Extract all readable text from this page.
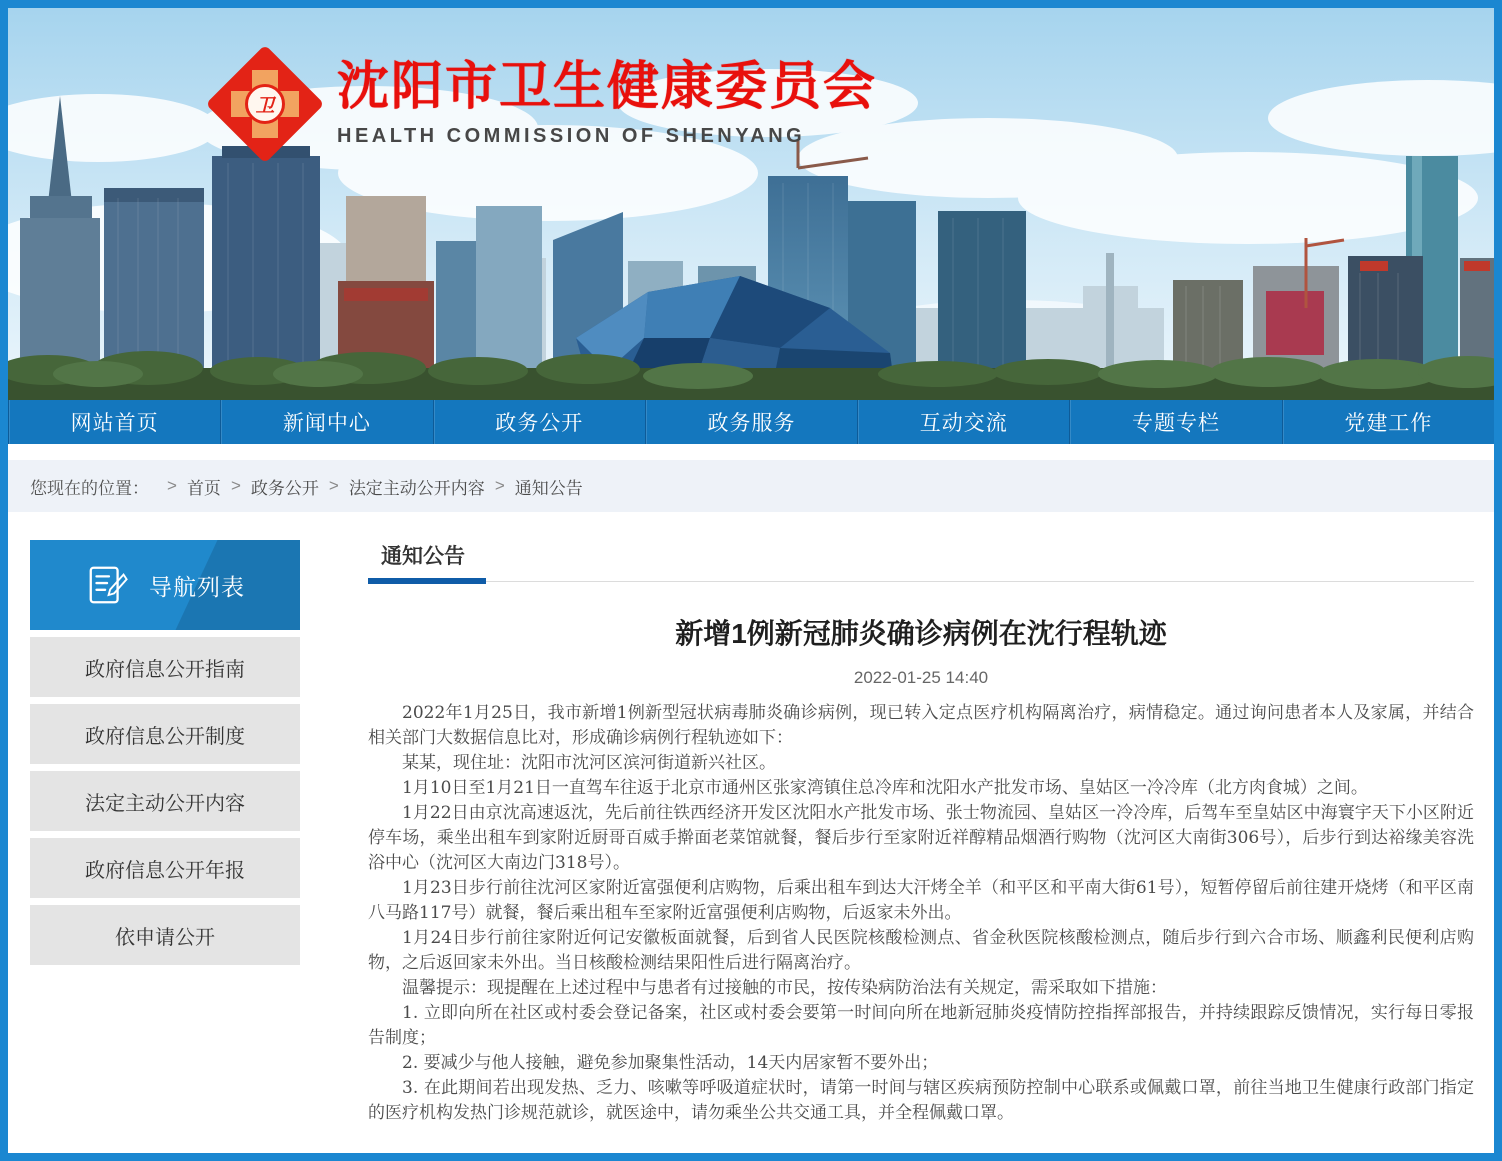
卫 沈阳市卫生健康委员会
HEALTH COMMISSION OF SHENYANG
网站首页	新闻中心	政务公开	政务服务	互动交流	专题专栏	党建工作
您现在的位置： > 首页 > 政务公开 > 法定主动公开内容 > 通知公告
导航列表
政府信息公开指南
政府信息公开制度
法定主动公开内容
政府信息公开年报
依申请公开
通知公告
新增1例新冠肺炎确诊病例在沈行程轨迹
2022-01-25 14:40

2022年1月25日，我市新增1例新型冠状病毒肺炎确诊病例，现已转入定点医疗机构隔离治疗，病情稳定。通过询问患者本人及家属，并结合相关部门大数据信息比对，形成确诊病例行程轨迹如下：

某某，现住址：沈阳市沈河区滨河街道新兴社区。

1月10日至1月21日一直驾车往返于北京市通州区张家湾镇住总冷库和沈阳水产批发市场、皇姑区一冷冷库（北方肉食城）之间。

1月22日由京沈高速返沈，先后前往铁西经济开发区沈阳水产批发市场、张士物流园、皇姑区一冷冷库，后驾车至皇姑区中海寰宇天下小区附近停车场，乘坐出租车到家附近厨哥百威手擀面老菜馆就餐，餐后步行至家附近祥醇精品烟酒行购物（沈河区大南街306号），后步行到达裕缘美容洗浴中心（沈河区大南边门318号）。

1月23日步行前往沈河区家附近富强便利店购物，后乘出租车到达大汗烤全羊（和平区和平南大街61号），短暂停留后前往建开烧烤（和平区南八马路117号）就餐，餐后乘出租车至家附近富强便利店购物，后返家未外出。

1月24日步行前往家附近何记安徽板面就餐，后到省人民医院核酸检测点、省金秋医院核酸检测点，随后步行到六合市场、顺鑫利民便利店购物，之后返回家未外出。当日核酸检测结果阳性后进行隔离治疗。

温馨提示：现提醒在上述过程中与患者有过接触的市民，按传染病防治法有关规定，需采取如下措施：

1. 立即向所在社区或村委会登记备案，社区或村委会要第一时间向所在地新冠肺炎疫情防控指挥部报告，并持续跟踪反馈情况，实行每日零报告制度；

2. 要减少与他人接触，避免参加聚集性活动，14天内居家暂不要外出；

3. 在此期间若出现发热、乏力、咳嗽等呼吸道症状时，请第一时间与辖区疾病预防控制中心联系或佩戴口罩，前往当地卫生健康行政部门指定的医疗机构发热门诊规范就诊，就医途中，请勿乘坐公共交通工具，并全程佩戴口罩。
